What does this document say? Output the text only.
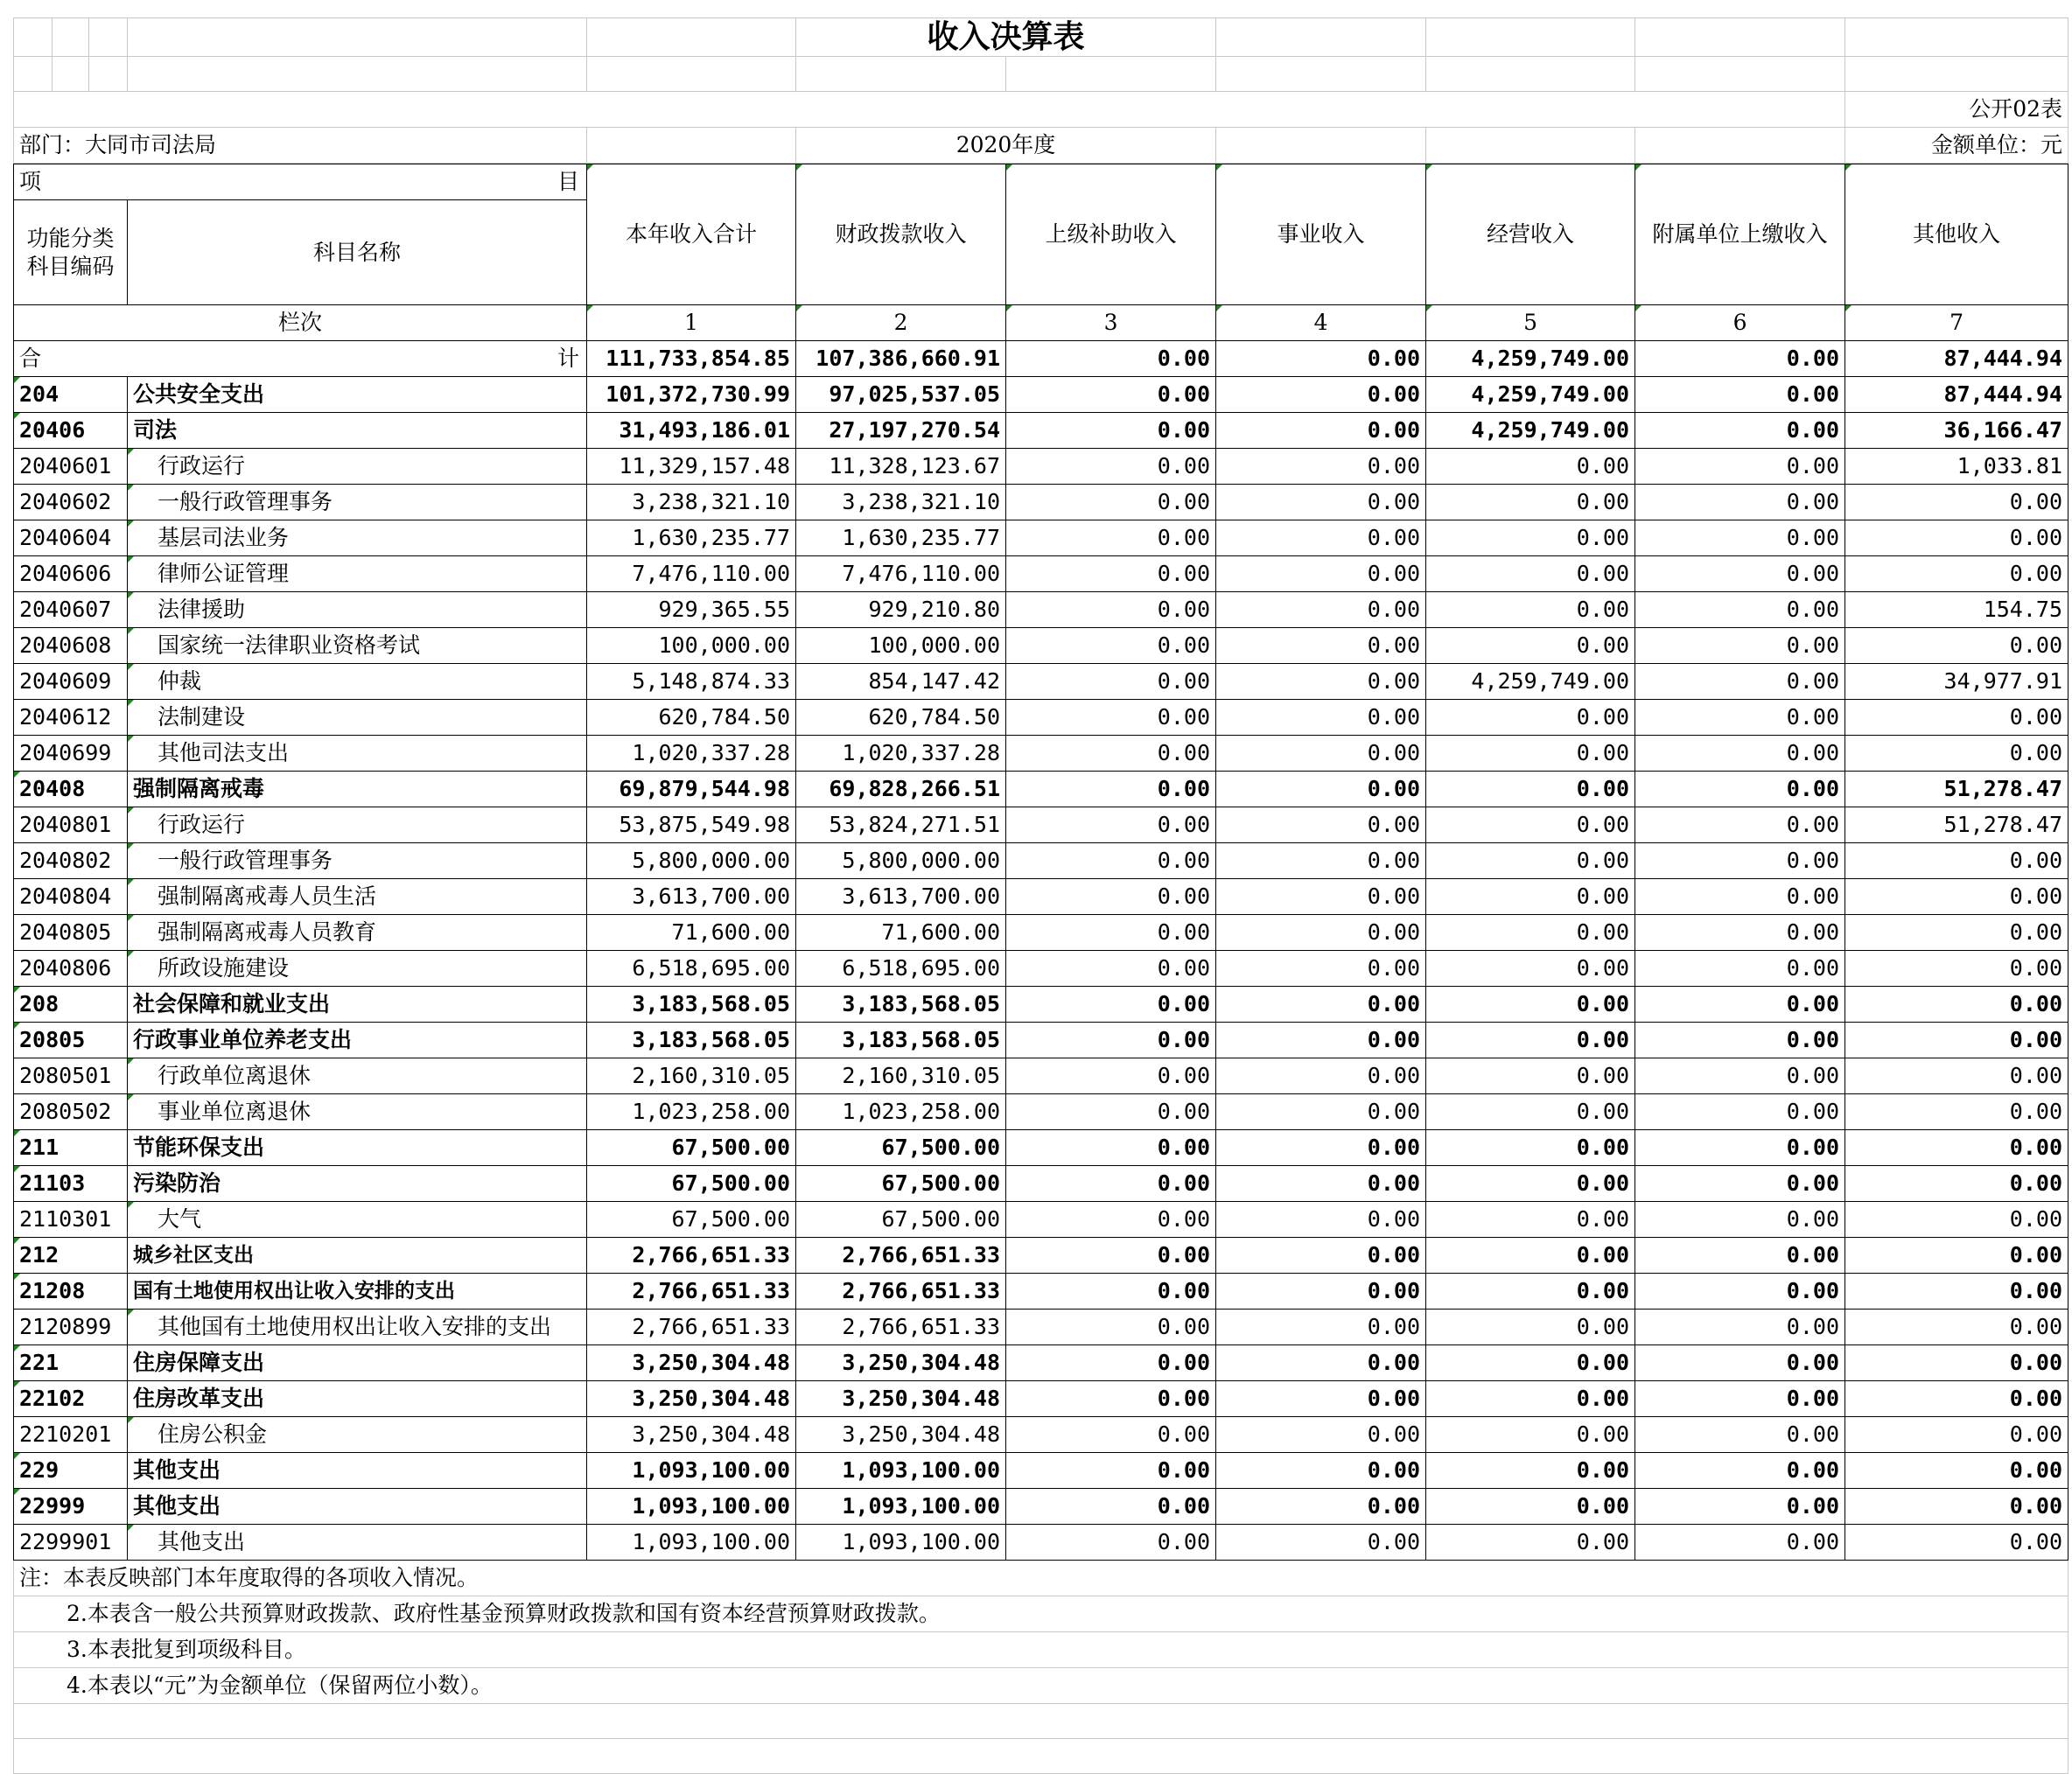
					收入决算表					

										公开02表
部门：大同市司法局					2020年度					金额单位：元
项 目		本年收入合计	财政拨款收入	上级补助收入	事业收入	经营收入	附属单位上缴收入	其他收入
功能分类科目编码	科目名称							
栏次		1	2	3	4	5	6	7
合 计		111,733,854.85	107,386,660.91	0.00	0.00	4,259,749.00	0.00	87,444.94
204	公共安全支出	101,372,730.99	97,025,537.05	0.00	0.00	4,259,749.00	0.00	87,444.94
20406	司法	31,493,186.01	27,197,270.54	0.00	0.00	4,259,749.00	0.00	36,166.47
2040601	行政运行	11,329,157.48	11,328,123.67	0.00	0.00	0.00	0.00	1,033.81
2040602	一般行政管理事务	3,238,321.10	3,238,321.10	0.00	0.00	0.00	0.00	0.00
2040604	基层司法业务	1,630,235.77	1,630,235.77	0.00	0.00	0.00	0.00	0.00
2040606	律师公证管理	7,476,110.00	7,476,110.00	0.00	0.00	0.00	0.00	0.00
2040607	法律援助	929,365.55	929,210.80	0.00	0.00	0.00	0.00	154.75
2040608	国家统一法律职业资格考试	100,000.00	100,000.00	0.00	0.00	0.00	0.00	0.00
2040609	仲裁	5,148,874.33	854,147.42	0.00	0.00	4,259,749.00	0.00	34,977.91
2040612	法制建设	620,784.50	620,784.50	0.00	0.00	0.00	0.00	0.00
2040699	其他司法支出	1,020,337.28	1,020,337.28	0.00	0.00	0.00	0.00	0.00
20408	强制隔离戒毒	69,879,544.98	69,828,266.51	0.00	0.00	0.00	0.00	51,278.47
2040801	行政运行	53,875,549.98	53,824,271.51	0.00	0.00	0.00	0.00	51,278.47
2040802	一般行政管理事务	5,800,000.00	5,800,000.00	0.00	0.00	0.00	0.00	0.00
2040804	强制隔离戒毒人员生活	3,613,700.00	3,613,700.00	0.00	0.00	0.00	0.00	0.00
2040805	强制隔离戒毒人员教育	71,600.00	71,600.00	0.00	0.00	0.00	0.00	0.00
2040806	所政设施建设	6,518,695.00	6,518,695.00	0.00	0.00	0.00	0.00	0.00
208	社会保障和就业支出	3,183,568.05	3,183,568.05	0.00	0.00	0.00	0.00	0.00
20805	行政事业单位养老支出	3,183,568.05	3,183,568.05	0.00	0.00	0.00	0.00	0.00
2080501	行政单位离退休	2,160,310.05	2,160,310.05	0.00	0.00	0.00	0.00	0.00
2080502	事业单位离退休	1,023,258.00	1,023,258.00	0.00	0.00	0.00	0.00	0.00
211	节能环保支出	67,500.00	67,500.00	0.00	0.00	0.00	0.00	0.00
21103	污染防治	67,500.00	67,500.00	0.00	0.00	0.00	0.00	0.00
2110301	大气	67,500.00	67,500.00	0.00	0.00	0.00	0.00	0.00
212	城乡社区支出	2,766,651.33	2,766,651.33	0.00	0.00	0.00	0.00	0.00
21208	国有土地使用权出让收入安排的支出	2,766,651.33	2,766,651.33	0.00	0.00	0.00	0.00	0.00
2120899	其他国有土地使用权出让收入安排的支出	2,766,651.33	2,766,651.33	0.00	0.00	0.00	0.00	0.00
221	住房保障支出	3,250,304.48	3,250,304.48	0.00	0.00	0.00	0.00	0.00
22102	住房改革支出	3,250,304.48	3,250,304.48	0.00	0.00	0.00	0.00	0.00
2210201	住房公积金	3,250,304.48	3,250,304.48	0.00	0.00	0.00	0.00	0.00
229	其他支出	1,093,100.00	1,093,100.00	0.00	0.00	0.00	0.00	0.00
22999	其他支出	1,093,100.00	1,093,100.00	0.00	0.00	0.00	0.00	0.00
2299901	其他支出	1,093,100.00	1,093,100.00	0.00	0.00	0.00	0.00	0.00
注：本表反映部门本年度取得的各项收入情况。
2.本表含一般公共预算财政拨款、政府性基金预算财政拨款和国有资本经营预算财政拨款。
3.本表批复到项级科目。
4.本表以“元”为金额单位（保留两位小数）。
